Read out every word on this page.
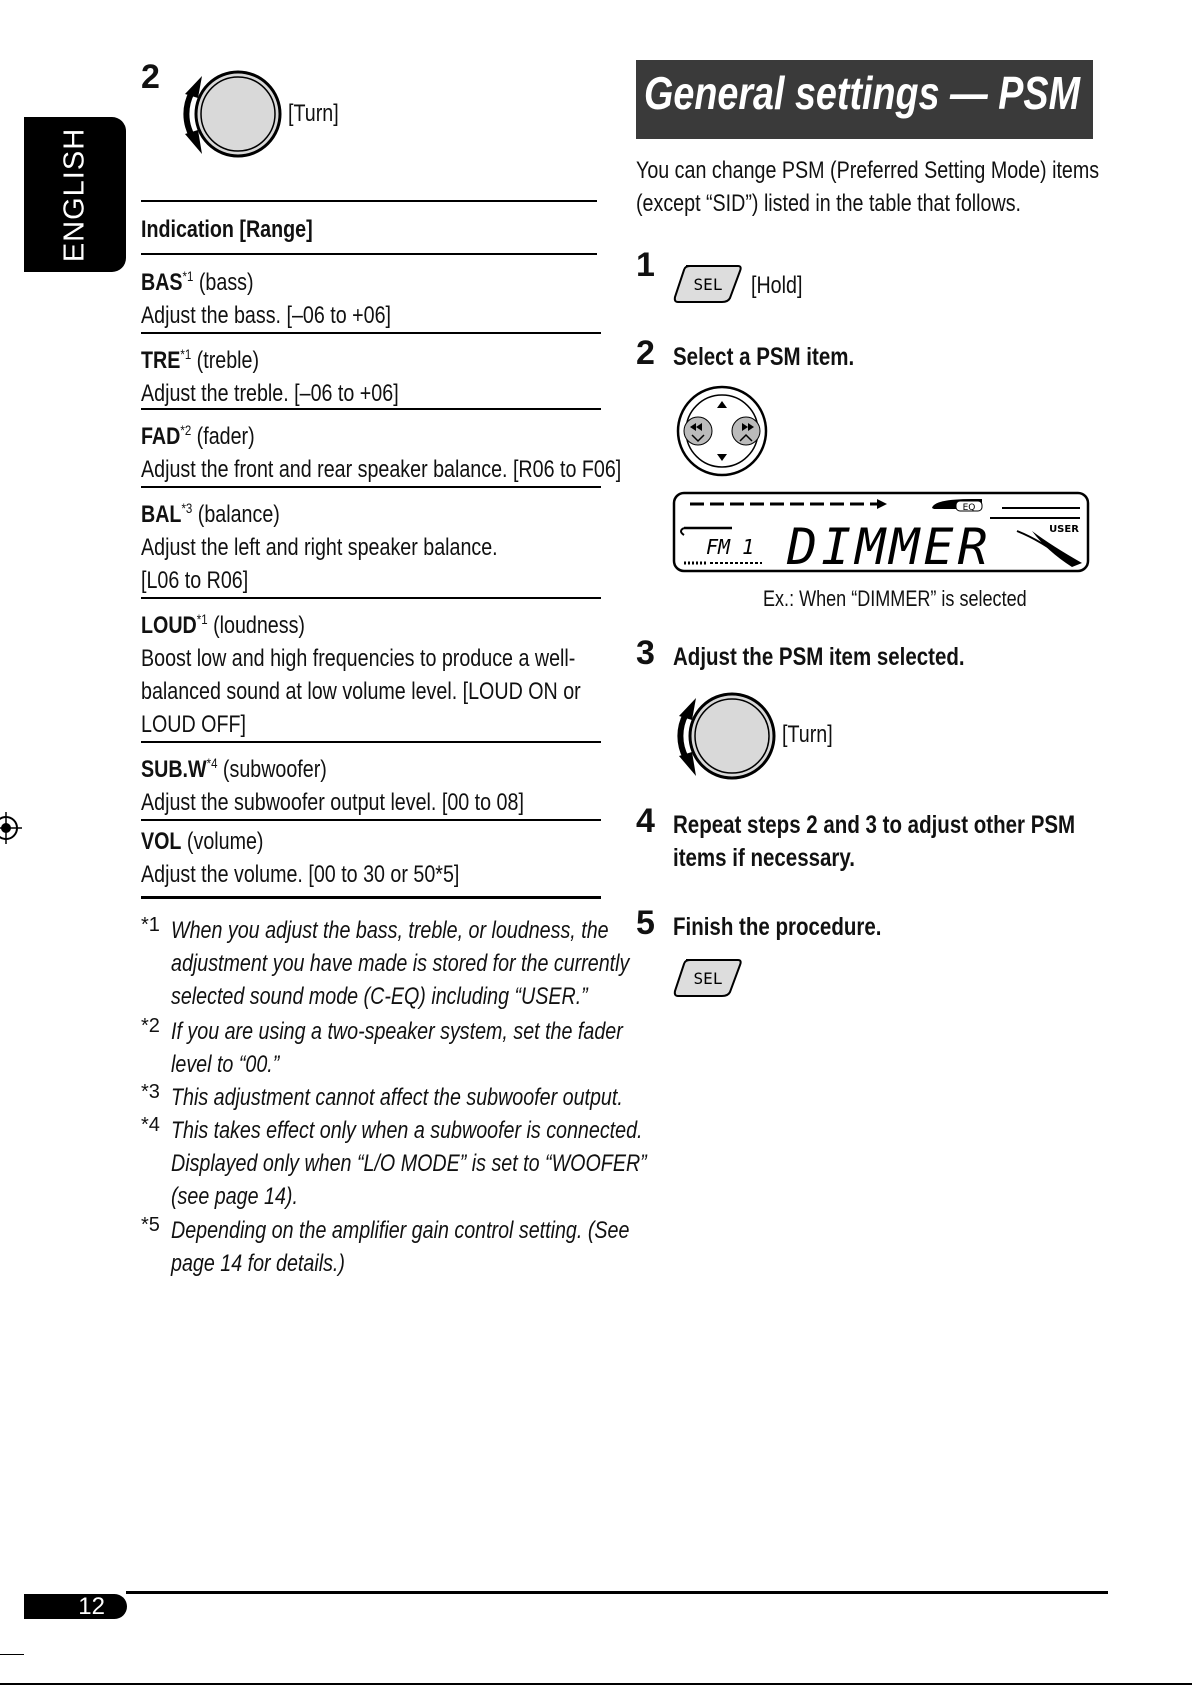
ENGLISH
2
[Turn]
Indication [Range]
BAS$^{*1}$ (bass)
Adjust the bass. [–06 to +06]
TRE$^{*1}$ (treble)
Adjust the treble. [–06 to +06]
FAD$^{*2}$ (fader)
Adjust the front and rear speaker balance. [R06 to F06]
BAL$^{*3}$ (balance)
Adjust the left and right speaker balance.
[L06 to R06]
LOUD$^{*1}$ (loudness)
Boost low and high frequencies to produce a well-
balanced sound at low volume level. [LOUD ON or
LOUD OFF]
$SUB.W^{*4}$ (subwoofer)
Adjust the subwoofer output level. [00 to 08]
VOL (volume)
Adjust the volume. [00 to 30 or 50*5]
*1 When you adjust the bass, treble, or loudness, the
adjustment you have made is stored for the currently
selected sound mode (C-EQ) including “USER.”
*2 If you are using a two-speaker system, set the fader
level to “00.”
*3 This adjustment cannot affect the subwoofer output.
*4 This takes effect only when a subwoofer is connected.
Displayed only when “L/O MODE” is set to “WOOFER”
(see page 14).
*5 Depending on the amplifier gain control setting. (See
page 14 for details.)
General settings — PSM
You can change PSM (Preferred Setting Mode) items
(except “SID”) listed in the table that follows.
1
SEL [Hold]
2 Select a PSM item.
EQ
FM 1 DIMMER	USER
Ex.: When “DIMMER” is selected
3 Adjust the PSM item selected.
[Turn]
4 Repeat steps 2 and 3 to adjust other PSM
items if necessary.
5 Finish the procedure.
SEL
12
